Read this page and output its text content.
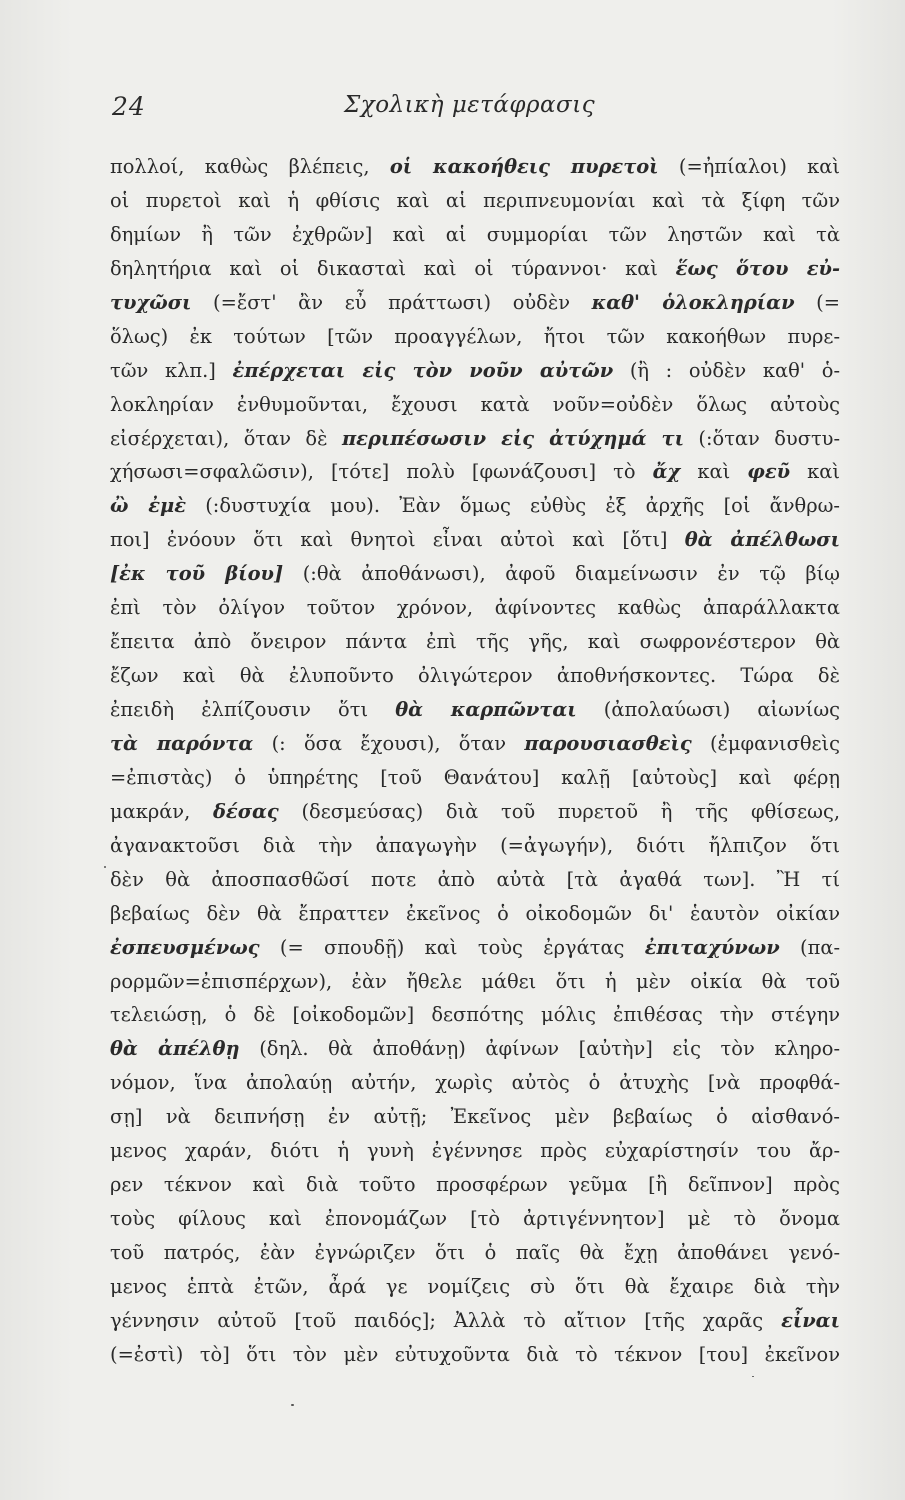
24	Σχολικὴ μετάφρασις
πολλοί, καθὼς βλέπεις, οἱ κακοήθεις πυρετοὶ (=ἠπίαλοι) καὶ
οἱ πυρετοὶ καὶ ἡ φθίσις καὶ αἱ περιπνευμονίαι καὶ τὰ ξίφη τῶν
δημίων ἢ τῶν ἐχθρῶν] καὶ αἱ συμμορίαι τῶν ληστῶν καὶ τὰ
δηλητήρια καὶ οἱ δικασταὶ καὶ οἱ τύραννοι· καὶ ἕως ὅτου εὐ-
τυχῶσι (=ἔστ' ἂν εὖ πράττωσι) οὐδὲν καθ' ὁλοκληρίαν (=
ὅλως) ἐκ τούτων [τῶν προαγγέλων, ἤτοι τῶν κακοήθων πυρε-
τῶν κλπ.] ἐπέρχεται εἰς τὸν νοῦν αὐτῶν (ἢ : οὐδὲν καθ' ὁ-
λοκληρίαν ἐνθυμοῦνται, ἔχουσι κατὰ νοῦν=οὐδὲν ὅλως αὐτοὺς
εἰσέρχεται), ὅταν δὲ περιπέσωσιν εἰς ἀτύχημά τι (:ὅταν δυστυ-
χήσωσι=σφαλῶσιν), [τότε] πολὺ [φωνάζουσι] τὸ ἄχ καὶ φεῦ καὶ
ὢ ἐμὲ (:δυστυχία μου). Ἐὰν ὅμως εὐθὺς ἐξ ἀρχῆς [οἱ ἄνθρω-
ποι] ἐνόουν ὅτι καὶ θνητοὶ εἶναι αὐτοὶ καὶ [ὅτι] θὰ ἀπέλθωσι
[ἐκ τοῦ βίου] (:θὰ ἀποθάνωσι), ἀφοῦ διαμείνωσιν ἐν τῷ βίῳ
ἐπὶ τὸν ὀλίγον τοῦτον χρόνον, ἀφίνοντες καθὼς ἀπαράλλακτα
ἔπειτα ἀπὸ ὄνειρον πάντα ἐπὶ τῆς γῆς, καὶ σωφρονέστερον θὰ
ἔζων καὶ θὰ ἐλυποῦντο ὀλιγώτερον ἀποθνήσκοντες. Τώρα δὲ
ἐπειδὴ ἐλπίζουσιν ὅτι θὰ καρπῶνται (ἀπολαύωσι) αἰωνίως
τὰ παρόντα (: ὅσα ἔχουσι), ὅταν παρουσιασθεὶς (ἐμφανισθεὶς
=ἐπιστὰς) ὁ ὑπηρέτης [τοῦ Θανάτου] καλῇ [αὐτοὺς] καὶ φέρῃ
μακράν, δέσας (δεσμεύσας) διὰ τοῦ πυρετοῦ ἢ τῆς φθίσεως,
ἀγανακτοῦσι διὰ τὴν ἀπαγωγὴν (=ἀγωγήν), διότι ἤλπιζον ὅτι
δὲν θὰ ἀποσπασθῶσί ποτε ἀπὸ αὐτὰ [τὰ ἀγαθά των]. Ἢ τί
βεβαίως δὲν θὰ ἔπραττεν ἐκεῖνος ὁ οἰκοδομῶν δι' ἑαυτὸν οἰκίαν
ἐσπευσμένως (= σπουδῇ) καὶ τοὺς ἐργάτας ἐπιταχύνων (πα-
ρορμῶν=ἐπισπέρχων), ἐὰν ἤθελε μάθει ὅτι ἡ μὲν οἰκία θὰ τοῦ
τελειώσῃ, ὁ δὲ [οἰκοδομῶν] δεσπότης μόλις ἐπιθέσας τὴν στέγην
θὰ ἀπέλθῃ (δηλ. θὰ ἀποθάνῃ) ἀφίνων [αὐτὴν] εἰς τὸν κληρο-
νόμον, ἵνα ἀπολαύῃ αὐτήν, χωρὶς αὐτὸς ὁ ἀτυχὴς [νὰ προφθά-
σῃ] νὰ δειπνήσῃ ἐν αὐτῇ; Ἐκεῖνος μὲν βεβαίως ὁ αἰσθανό-
μενος χαράν, διότι ἡ γυνὴ ἐγέννησε πρὸς εὐχαρίστησίν του ἄρ-
ρεν τέκνον καὶ διὰ τοῦτο προσφέρων γεῦμα [ἢ δεῖπνον] πρὸς
τοὺς φίλους καὶ ἐπονομάζων [τὸ ἀρτιγέννητον] μὲ τὸ ὄνομα
τοῦ πατρός, ἐὰν ἐγνώριζεν ὅτι ὁ παῖς θὰ ἔχῃ ἀποθάνει γενό-
μενος ἑπτὰ ἐτῶν, ἆρά γε νομίζεις σὺ ὅτι θὰ ἔχαιρε διὰ τὴν
γέννησιν αὐτοῦ [τοῦ παιδός]; Ἀλλὰ τὸ αἴτιον [τῆς χαρᾶς εἶναι
(=ἐστὶ) τὸ] ὅτι τὸν μὲν εὐτυχοῦντα διὰ τὸ τέκνον [του] ἐκεῖνον
